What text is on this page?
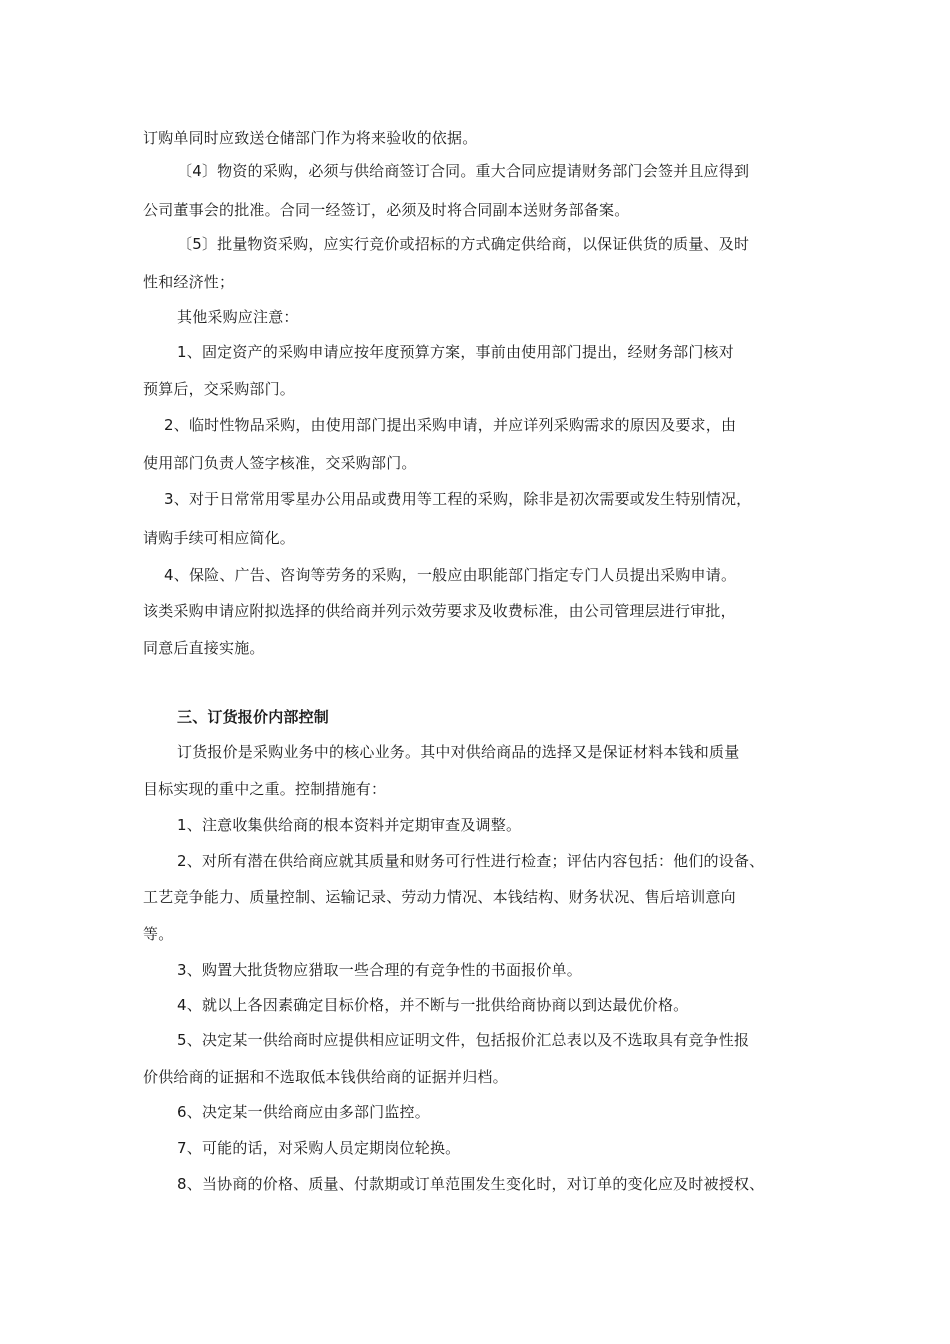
订购单同时应致送仓储部门作为将来验收的依据。
〔4〕物资的采购，必须与供给商签订合同。重大合同应提请财务部门会签并且应得到
公司董事会的批准。合同一经签订，必须及时将合同副本送财务部备案。
〔5〕批量物资采购，应实行竞价或招标的方式确定供给商，以保证供货的质量、及时
性和经济性；
其他采购应注意：
1、固定资产的采购申请应按年度预算方案，事前由使用部门提出，经财务部门核对
预算后，交采购部门。
2、临时性物品采购，由使用部门提出采购申请，并应详列采购需求的原因及要求，由
使用部门负责人签字核准，交采购部门。
3、对于日常常用零星办公用品或费用等工程的采购，除非是初次需要或发生特别情况，
请购手续可相应简化。
4、保险、广告、咨询等劳务的采购，一般应由职能部门指定专门人员提出采购申请。
该类采购申请应附拟选择的供给商并列示效劳要求及收费标准，由公司管理层进行审批，
同意后直接实施。
三、订货报价内部控制
订货报价是采购业务中的核心业务。其中对供给商品的选择又是保证材料本钱和质量
目标实现的重中之重。控制措施有：
1、注意收集供给商的根本资料并定期审查及调整。
2、对所有潜在供给商应就其质量和财务可行性进行检查；评估内容包括：他们的设备、
工艺竞争能力、质量控制、运输记录、劳动力情况、本钱结构、财务状况、售后培训意向
等。
3、购置大批货物应猎取一些合理的有竞争性的书面报价单。
4、就以上各因素确定目标价格，并不断与一批供给商协商以到达最优价格。
5、决定某一供给商时应提供相应证明文件，包括报价汇总表以及不选取具有竞争性报
价供给商的证据和不选取低本钱供给商的证据并归档。
6、决定某一供给商应由多部门监控。
7、可能的话，对采购人员定期岗位轮换。
8、当协商的价格、质量、付款期或订单范围发生变化时，对订单的变化应及时被授权、
